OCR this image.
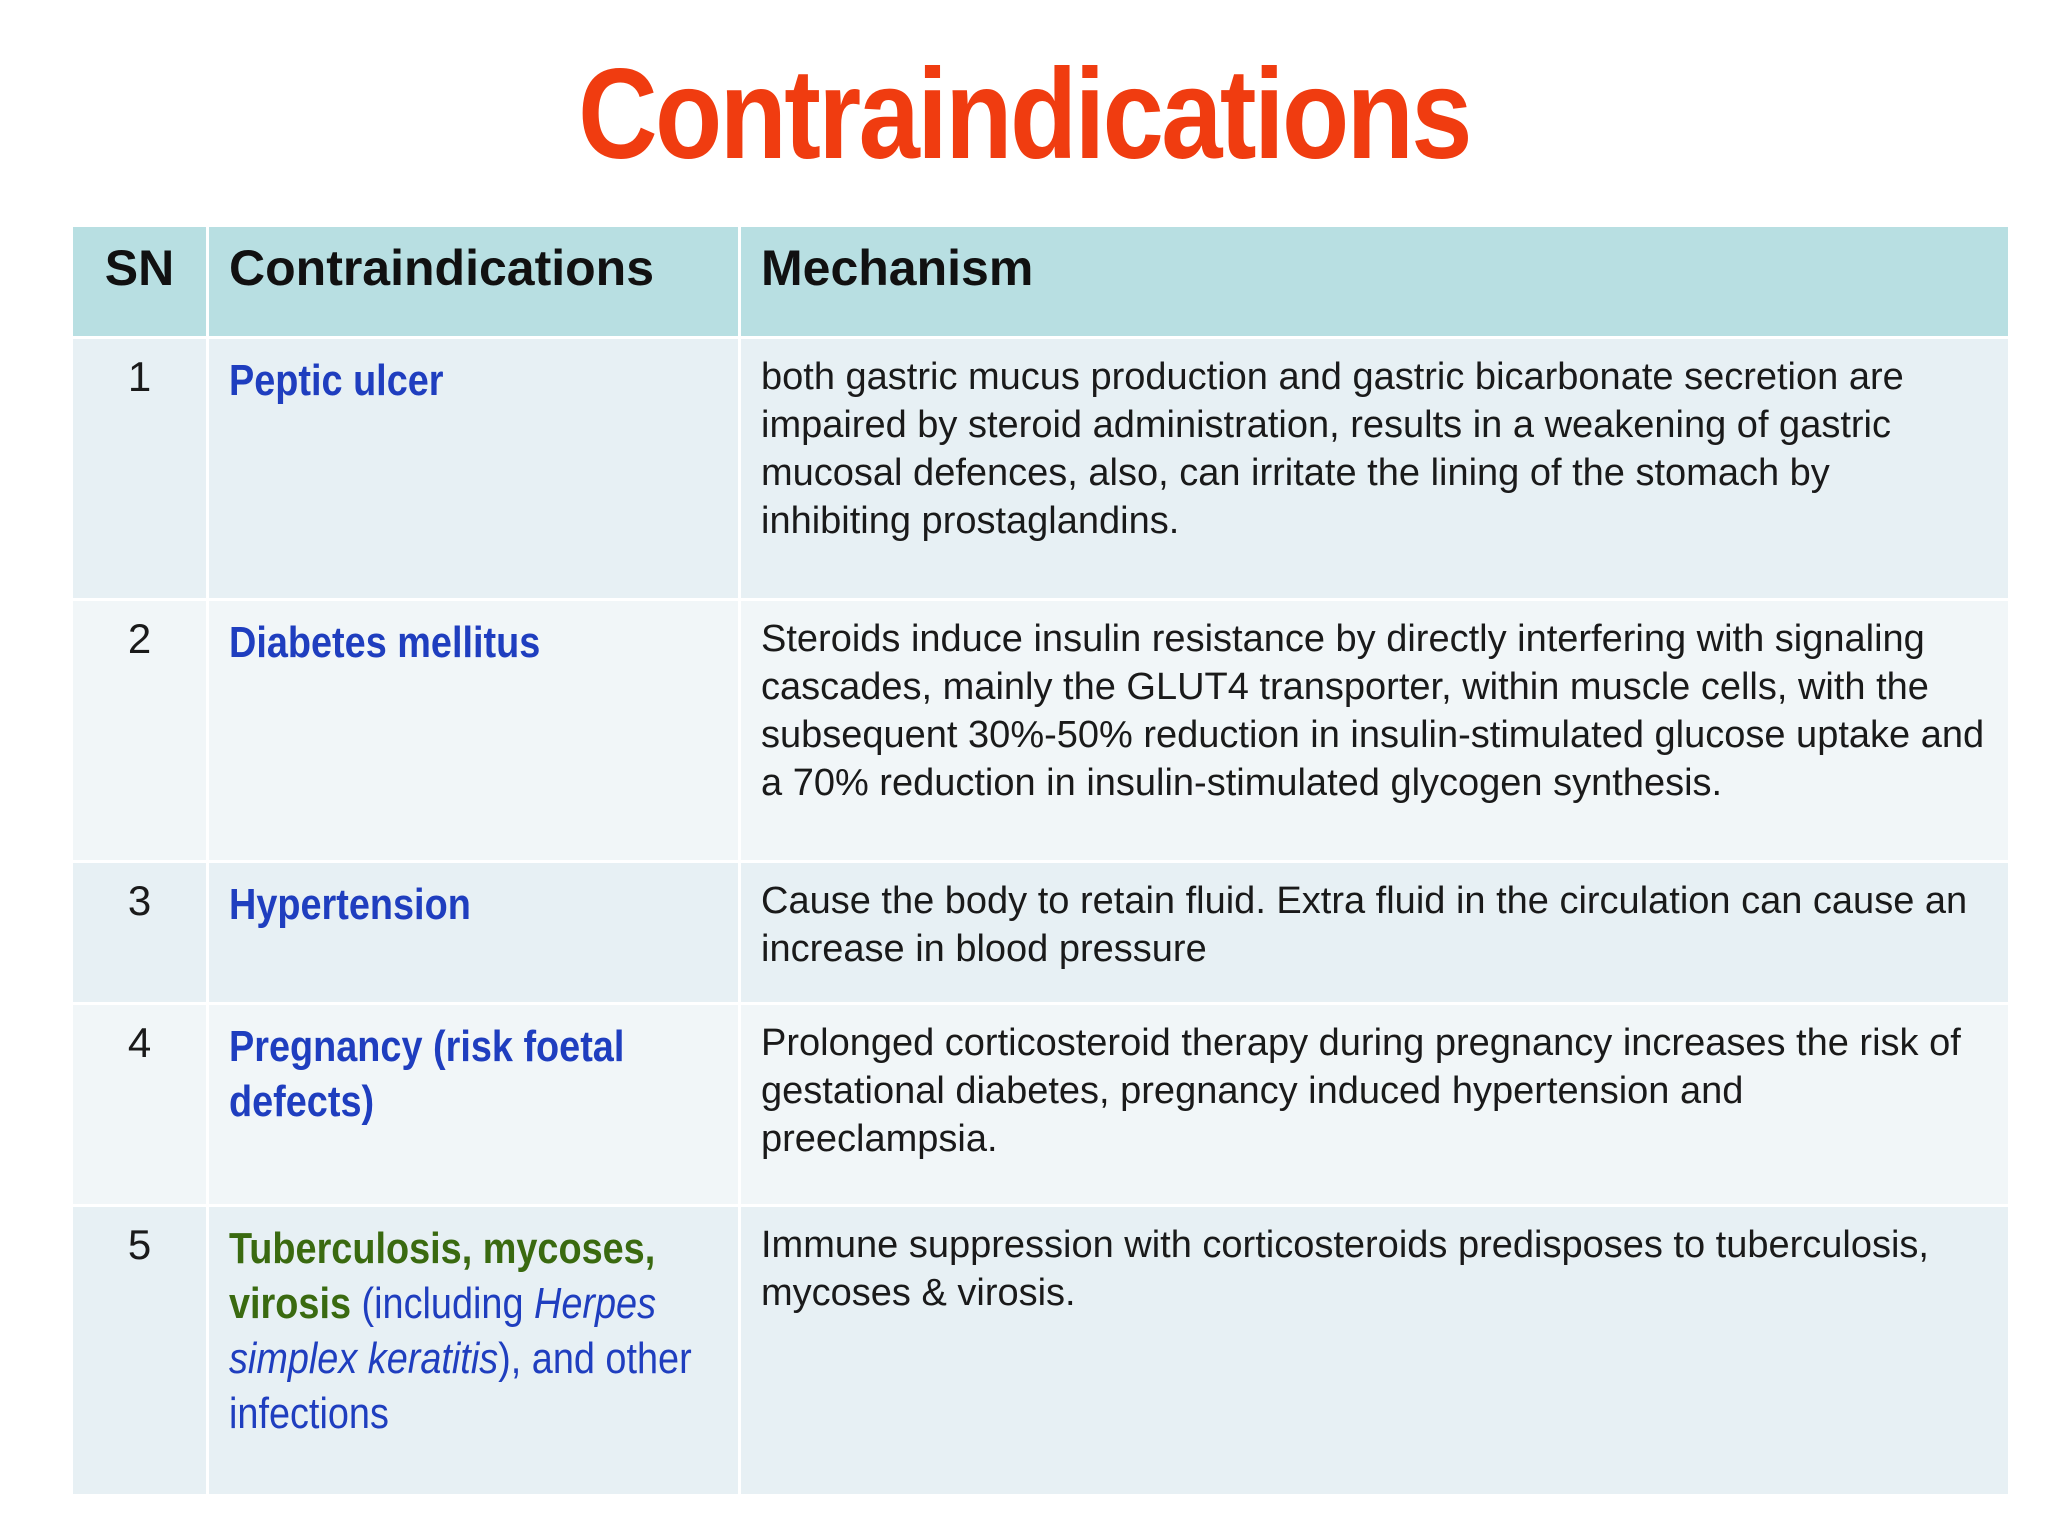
Contraindications
SN	Contraindications	Mechanism
1	Peptic ulcer	both gastric mucus production and gastric bicarbonate secretion are impaired by steroid administration, results in a weakening of gastric mucosal defences, also, can irritate the lining of the stomach by inhibiting prostaglandins.

2	Diabetes mellitus	Steroids induce insulin resistance by directly interfering with signaling cascades, mainly the GLUT4 transporter, within muscle cells, with the subsequent 30%-50% reduction in insulin-stimulated glucose uptake and a 70% reduction in insulin-stimulated glycogen synthesis.

3	Hypertension	Cause the body to retain fluid. Extra fluid in the circulation can cause an increase in blood pressure

4	Pregnancy (risk foetal defects)	Prolonged corticosteroid therapy during pregnancy increases the risk of gestational diabetes, pregnancy induced hypertension and preeclampsia.

5	Tuberculosis, mycoses, virosis (including Herpes simplex keratitis), and other infections	Immune suppression with corticosteroids predisposes to tuberculosis, mycoses & virosis.
